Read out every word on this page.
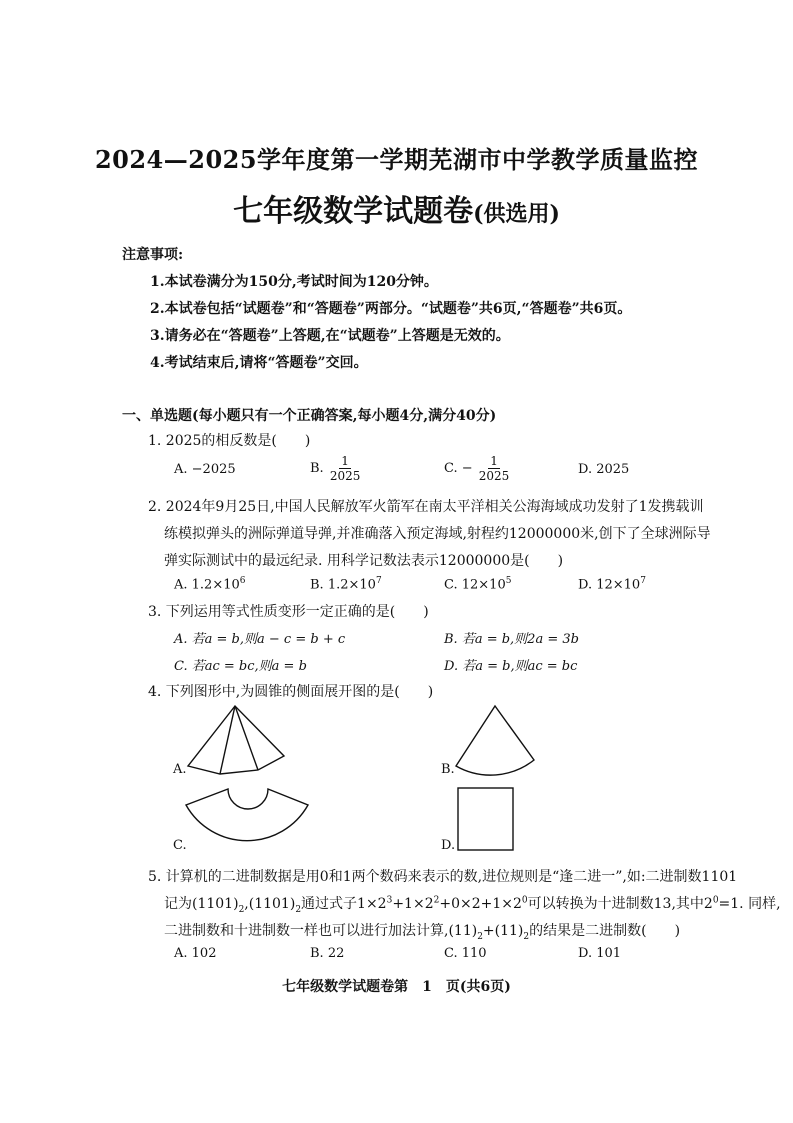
2024—2025学年度第一学期芜湖市中学教学质量监控
七年级数学试题卷(供选用)
注意事项:
1.本试卷满分为150分,考试时间为120分钟。
2.本试卷包括“试题卷”和“答题卷”两部分。“试题卷”共6页,“答题卷”共6页。
3.请务必在“答题卷”上答题,在“试题卷”上答题是无效的。
4.考试结束后,请将“答题卷”交回。
一、单选题(每小题只有一个正确答案,每小题4分,满分40分)
1. 2025的相反数是(　　)
A. −2025	B. $\frac{1}{2025}$	C. − $\frac{1}{2025}$	D. 2025
2. 2024年9月25日,中国人民解放军火箭军在南太平洋相关公海海域成功发射了1发携载训
练模拟弹头的洲际弹道导弹,并准确落入预定海域,射程约12000000米,创下了全球洲际导
弹实际测试中的最远纪录. 用科学记数法表示12000000是(　　)
A. $1.2\times 10^6$	B. $1.2\times 10^7$	C. $12\times 10^5$	D. $12\times 10^7$
3. 下列运用等式性质变形一定正确的是(　　)
A. 若a = b,则a − c = b + c	B. 若a = b,则2a = 3b
C. 若ac = bc,则a = b	D. 若a = b,则ac = bc
4. 下列图形中,为圆锥的侧面展开图的是(　　)
A.	B.
C.	D.
5. 计算机的二进制数据是用0和1两个数码来表示的数,进位规则是“逢二进一”,如:二进制数1101
记为$(1101)_2,(1101)_2$通过式子$1\times 2^3+1\times 2^2+0\times 2+1\times 2^0$可以转换为十进制数13,其中$2^0=1$. 同样,
二进制数和十进制数一样也可以进行加法计算$,(11)_2+(11)_2$的结果是二进制数(　　)
A. 102	B. 22	C. 110	D. 101
七年级数学试题卷第　1　页(共6页)
